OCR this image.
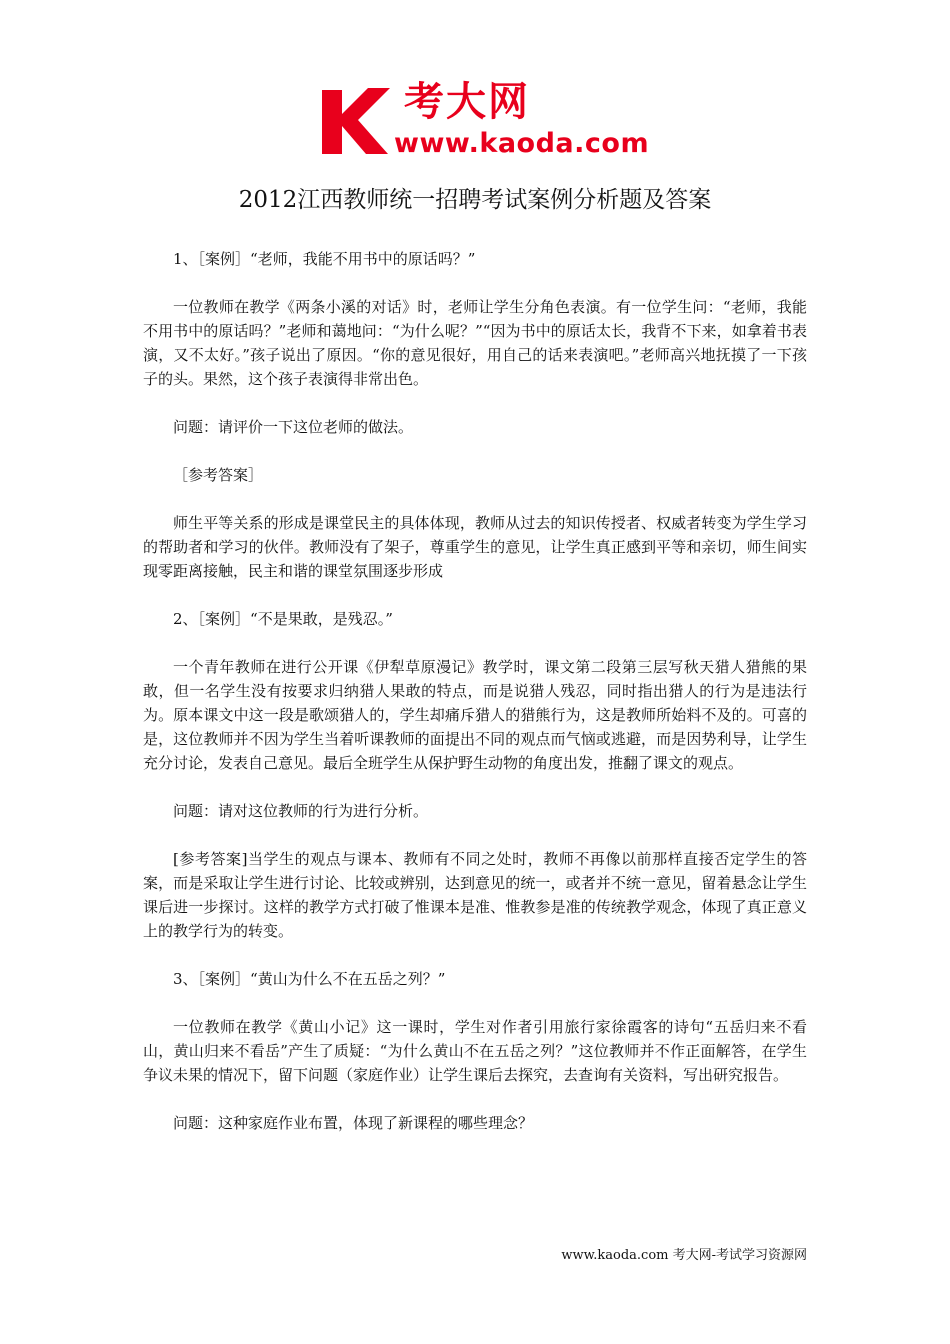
考大网
www.kaoda.com
2012江西教师统一招聘考试案例分析题及答案

1、［案例］“老师，我能不用书中的原话吗？”

一位教师在教学《两条小溪的对话》时，老师让学生分角色表演。有一位学生问：“老师，我能不用书中的原话吗？”老师和蔼地问：“为什么呢？”“因为书中的原话太长，我背不下来，如拿着书表演，又不太好。”孩子说出了原因。“你的意见很好，用自己的话来表演吧。”老师高兴地抚摸了一下孩子的头。果然，这个孩子表演得非常出色。

问题：请评价一下这位老师的做法。

［参考答案］

师生平等关系的形成是课堂民主的具体体现，教师从过去的知识传授者、权威者转变为学生学习的帮助者和学习的伙伴。教师没有了架子，尊重学生的意见，让学生真正感到平等和亲切，师生间实现零距离接触，民主和谐的课堂氛围逐步形成

2、［案例］“不是果敢，是残忍。”

一个青年教师在进行公开课《伊犁草原漫记》教学时，课文第二段第三层写秋天猎人猎熊的果敢，但一名学生没有按要求归纳猎人果敢的特点，而是说猎人残忍，同时指出猎人的行为是违法行为。原本课文中这一段是歌颂猎人的，学生却痛斥猎人的猎熊行为，这是教师所始料不及的。可喜的是，这位教师并不因为学生当着听课教师的面提出不同的观点而气恼或逃避，而是因势利导，让学生充分讨论，发表自己意见。最后全班学生从保护野生动物的角度出发，推翻了课文的观点。

问题：请对这位教师的行为进行分析。

[参考答案]当学生的观点与课本、教师有不同之处时，教师不再像以前那样直接否定学生的答案，而是采取让学生进行讨论、比较或辨别，达到意见的统一，或者并不统一意见，留着悬念让学生课后进一步探讨。这样的教学方式打破了惟课本是准、惟教参是准的传统教学观念，体现了真正意义上的教学行为的转变。

3、［案例］“黄山为什么不在五岳之列？”

一位教师在教学《黄山小记》这一课时，学生对作者引用旅行家徐霞客的诗句“五岳归来不看山，黄山归来不看岳”产生了质疑：“为什么黄山不在五岳之列？”这位教师并不作正面解答，在学生争议未果的情况下，留下问题（家庭作业）让学生课后去探究，去查询有关资料，写出研究报告。

问题：这种家庭作业布置，体现了新课程的哪些理念？

www.kaoda.com 考大网-考试学习资源网
